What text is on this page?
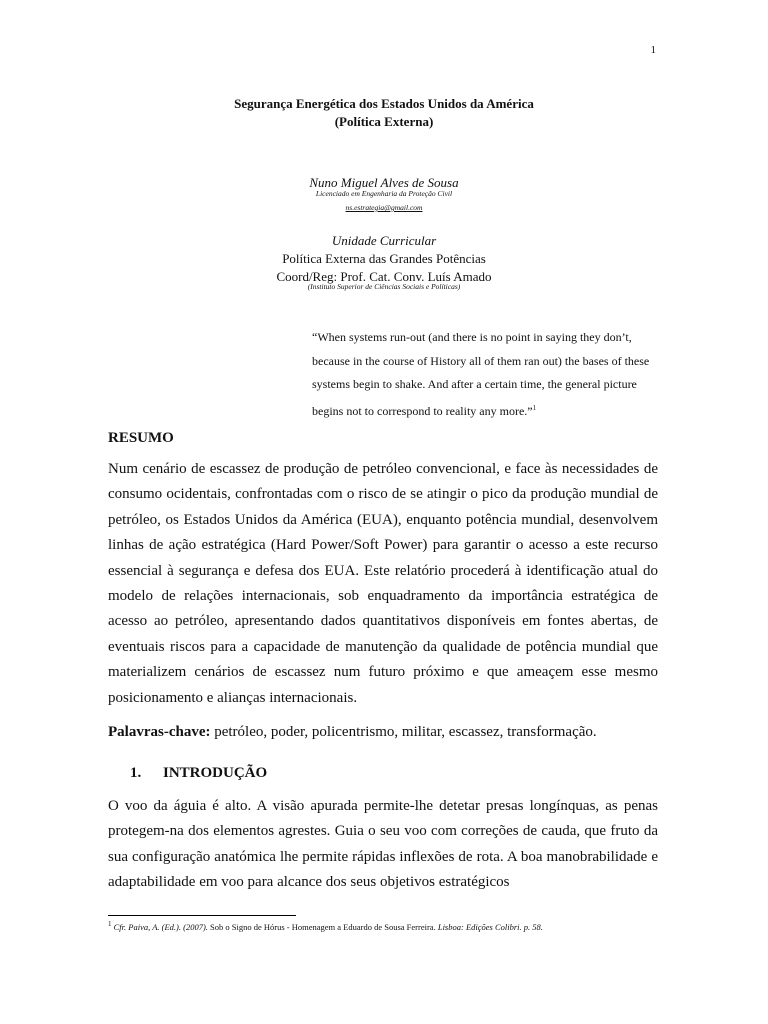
1
Segurança Energética dos Estados Unidos da América
(Política Externa)
Nuno Miguel Alves de Sousa
Licenciado em Engenharia da Proteção Civil
ns.estrategia@gmail.com
Unidade Curricular
Política Externa das Grandes Potências
Coord/Reg: Prof. Cat. Conv. Luís Amado
(Instituto Superior de Ciências Sociais e Políticas)
“When systems run-out (and there is no point in saying they don’t, because in the course of History all of them ran out) the bases of these systems begin to shake. And after a certain time, the general picture begins not to correspond to reality any more.”$^1$
RESUMO
Num cenário de escassez de produção de petróleo convencional, e face às necessidades de consumo ocidentais, confrontadas com o risco de se atingir o pico da produção mundial de petróleo, os Estados Unidos da América (EUA), enquanto potência mundial, desenvolvem linhas de ação estratégica (Hard Power/Soft Power) para garantir o acesso a este recurso essencial à segurança e defesa dos EUA. Este relatório procederá à identificação atual do modelo de relações internacionais, sob enquadramento da importância estratégica de acesso ao petróleo, apresentando dados quantitativos disponíveis em fontes abertas, de eventuais riscos para a capacidade de manutenção da qualidade de potência mundial que materializem cenários de escassez num futuro próximo e que ameaçem esse mesmo posicionamento e alianças internacionais.
Palavras-chave: petróleo, poder, policentrismo, militar, escassez, transformação.
1. INTRODUÇÃO
O voo da águia é alto. A visão apurada permite-lhe detetar presas longínquas, as penas protegem-na dos elementos agrestes. Guia o seu voo com correções de cauda, que fruto da sua configuração anatómica lhe permite rápidas inflexões de rota. A boa manobrabilidade e adaptabilidade em voo para alcance dos seus objetivos estratégicos
$^1$ Cfr. Paiva, A. (Ed.). (2007). Sob o Signo de Hórus - Homenagem a Eduardo de Sousa Ferreira. Lisboa: Edições Colibri. p. 58.
